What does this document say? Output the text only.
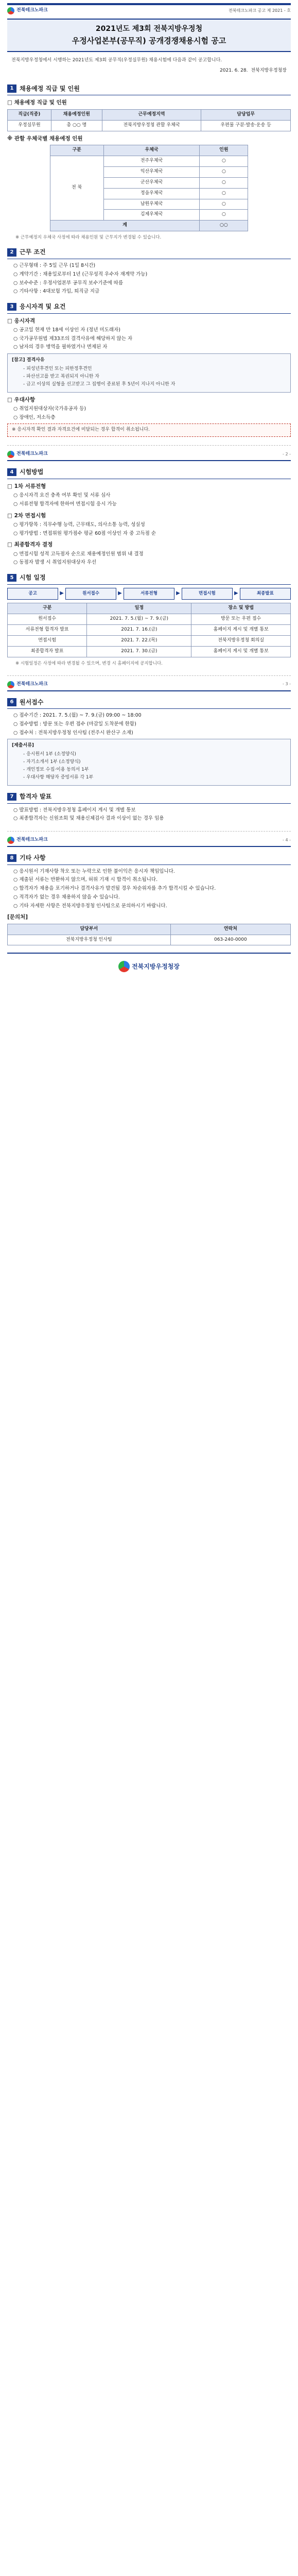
전북테크노파크	전북테크노파크 공고 제 2021 - 호
2021년도 제3회 전북지방우정청
우정사업본부(공무직) 공개경쟁채용시험 공고
전북지방우정청에서 시행하는 2021년도 제3회 공무직(우정실무원) 채용시험에 다음과 같이 공고합니다.
2021. 6. 28. 전북지방우정청장
1 채용예정 직급 및 인원
□ 채용예정 직급 및 인원
직급(직종)	채용예정인원	근무예정지역	담당업무
우정실무원	총 ○○ 명	전북지방우정청 관할 우체국	우편물 구분·발송·운송 등
※ 관할 우체국별 채용예정 인원
구분	우체국	인원
전 북	전주우체국	○
	익산우체국	○
	군산우체국	○
	정읍우체국	○
	남원우체국	○
	김제우체국	○
계		○○
※ 근무예정지 우체국 사정에 따라 채용인원 및 근무지가 변경될 수 있습니다.
2 근무 조건
○ 근무형태 : 주 5일 근무 (1일 8시간)
○ 계약기간 : 채용일로부터 1년 (근무성적 우수자 재계약 가능)
○ 보수수준 : 우정사업본부 공무직 보수기준에 따름
○ 기타사항 : 4대보험 가입, 퇴직금 지급
3 응시자격 및 요건
□ 응시자격
○ 공고일 현재 만 18세 이상인 자 (정년 미도래자)
○ 국가공무원법 제33조의 결격사유에 해당하지 않는 자
○ 남자의 경우 병역을 필하였거나 면제된 자
[참고] 결격사유
- 피성년후견인 또는 피한정후견인
- 파산선고를 받고 복권되지 아니한 자
- 금고 이상의 실형을 선고받고 그 집행이 종료된 후 5년이 지나지 아니한 자
□ 우대사항
○ 취업지원대상자(국가유공자 등)
○ 장애인, 저소득층
※ 응시자격 확인 결과 자격요건에 미달되는 경우 합격이 취소됩니다.
전북테크노파크	- 2 -
4 시험방법
□ 1차 서류전형
○ 응시자격 요건 충족 여부 확인 및 서류 심사
○ 서류전형 합격자에 한하여 면접시험 응시 가능
□ 2차 면접시험
○ 평가항목 : 직무수행 능력, 근무태도, 의사소통 능력, 성실성
○ 평가방법 : 면접위원 평가점수 평균 60점 이상인 자 중 고득점 순
□ 최종합격자 결정
○ 면접시험 성적 고득점자 순으로 채용예정인원 범위 내 결정
○ 동점자 발생 시 취업지원대상자 우선
5 시험 일정
공고	▶	원서접수	▶	서류전형	▶	면접시험	▶	최종발표
구분	일정	장소 및 방법
원서접수	2021. 7. 5.(월) ~ 7. 9.(금)	방문 또는 우편 접수
서류전형 합격자 발표	2021. 7. 16.(금)	홈페이지 게시 및 개별 통보
면접시험	2021. 7. 22.(목)	전북지방우정청 회의실
최종합격자 발표	2021. 7. 30.(금)	홈페이지 게시 및 개별 통보
※ 시험일정은 사정에 따라 변경될 수 있으며, 변경 시 홈페이지에 공지합니다.
전북테크노파크	- 3 -
6 원서접수
○ 접수기간 : 2021. 7. 5.(월) ~ 7. 9.(금) 09:00 ~ 18:00
○ 접수방법 : 방문 또는 우편 접수 (마감일 도착분에 한함)
○ 접수처 : 전북지방우정청 인사팀 (전주시 완산구 소재)
[제출서류]
- 응시원서 1부 (소정양식)
- 자기소개서 1부 (소정양식)
- 개인정보 수집·이용 동의서 1부
- 우대사항 해당자 증빙서류 각 1부
7 합격자 발표
○ 발표방법 : 전북지방우정청 홈페이지 게시 및 개별 통보
○ 최종합격자는 신원조회 및 채용신체검사 결과 이상이 없는 경우 임용
전북테크노파크	- 4 -
8 기타 사항
○ 응시원서 기재사항 착오 또는 누락으로 인한 불이익은 응시자 책임입니다.
○ 제출된 서류는 반환하지 않으며, 허위 기재 시 합격이 취소됩니다.
○ 합격자가 채용을 포기하거나 결격사유가 발견될 경우 차순위자를 추가 합격시킬 수 있습니다.
○ 적격자가 없는 경우 채용하지 않을 수 있습니다.
○ 기타 자세한 사항은 전북지방우정청 인사팀으로 문의하시기 바랍니다.
[문의처]
담당부서	연락처
전북지방우정청 인사팀	063-240-0000
전북지방우정청장
